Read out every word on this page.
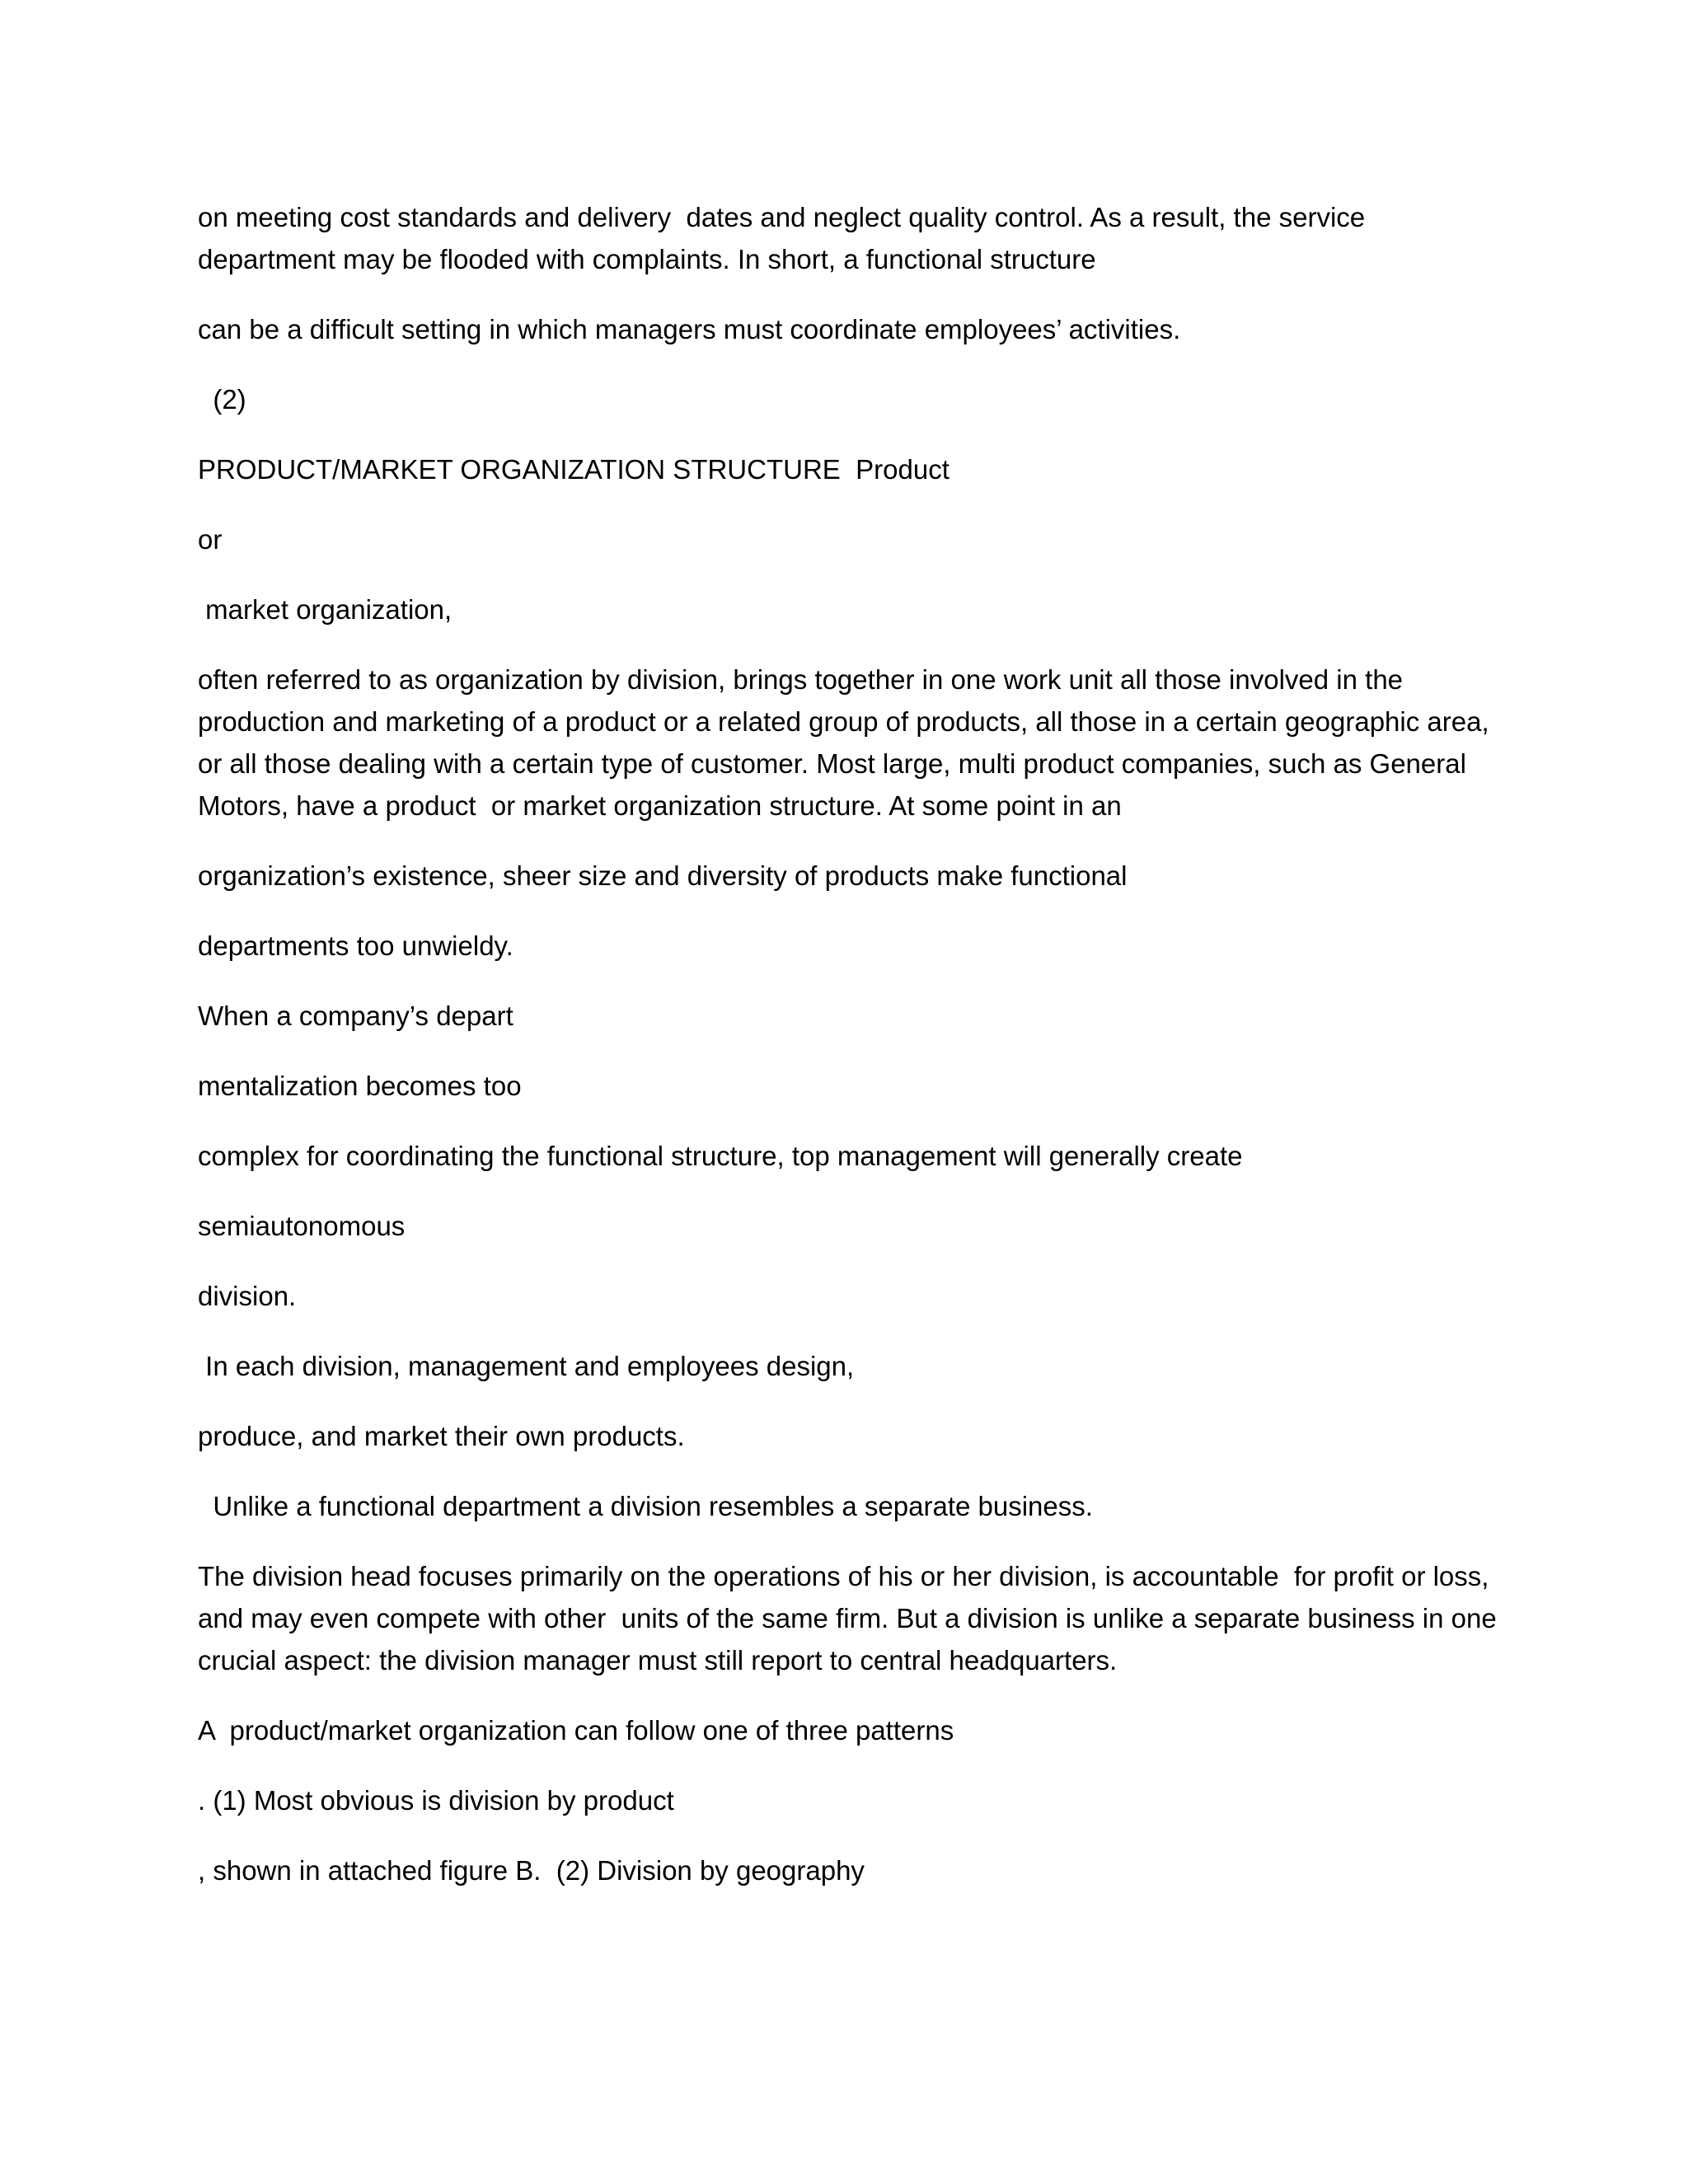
on meeting cost standards and delivery  dates and neglect quality control. As a result, the service department may be flooded with complaints. In short, a functional structure

can be a difficult setting in which managers must coordinate employees’ activities.

(2)

PRODUCT/MARKET ORGANIZATION STRUCTURE  Product

or

market organization,

often referred to as organization by division, brings together in one work unit all those involved in the production and marketing of a product or a related group of products, all those in a certain geographic area, or all those dealing with a certain type of customer. Most large, multi product companies, such as General Motors, have a product  or market organization structure. At some point in an

organization’s existence, sheer size and diversity of products make functional

departments too unwieldy.

When a company’s depart

mentalization becomes too

complex for coordinating the functional structure, top management will generally create

semiautonomous

division.

In each division, management and employees design,

produce, and market their own products.

Unlike a functional department a division resembles a separate business.

The division head focuses primarily on the operations of his or her division, is accountable  for profit or loss, and may even compete with other  units of the same firm. But a division is unlike a separate business in one  crucial aspect: the division manager must still report to central headquarters.

A  product/market organization can follow one of three patterns

. (1) Most obvious is division by product

, shown in attached figure B.  (2) Division by geography
